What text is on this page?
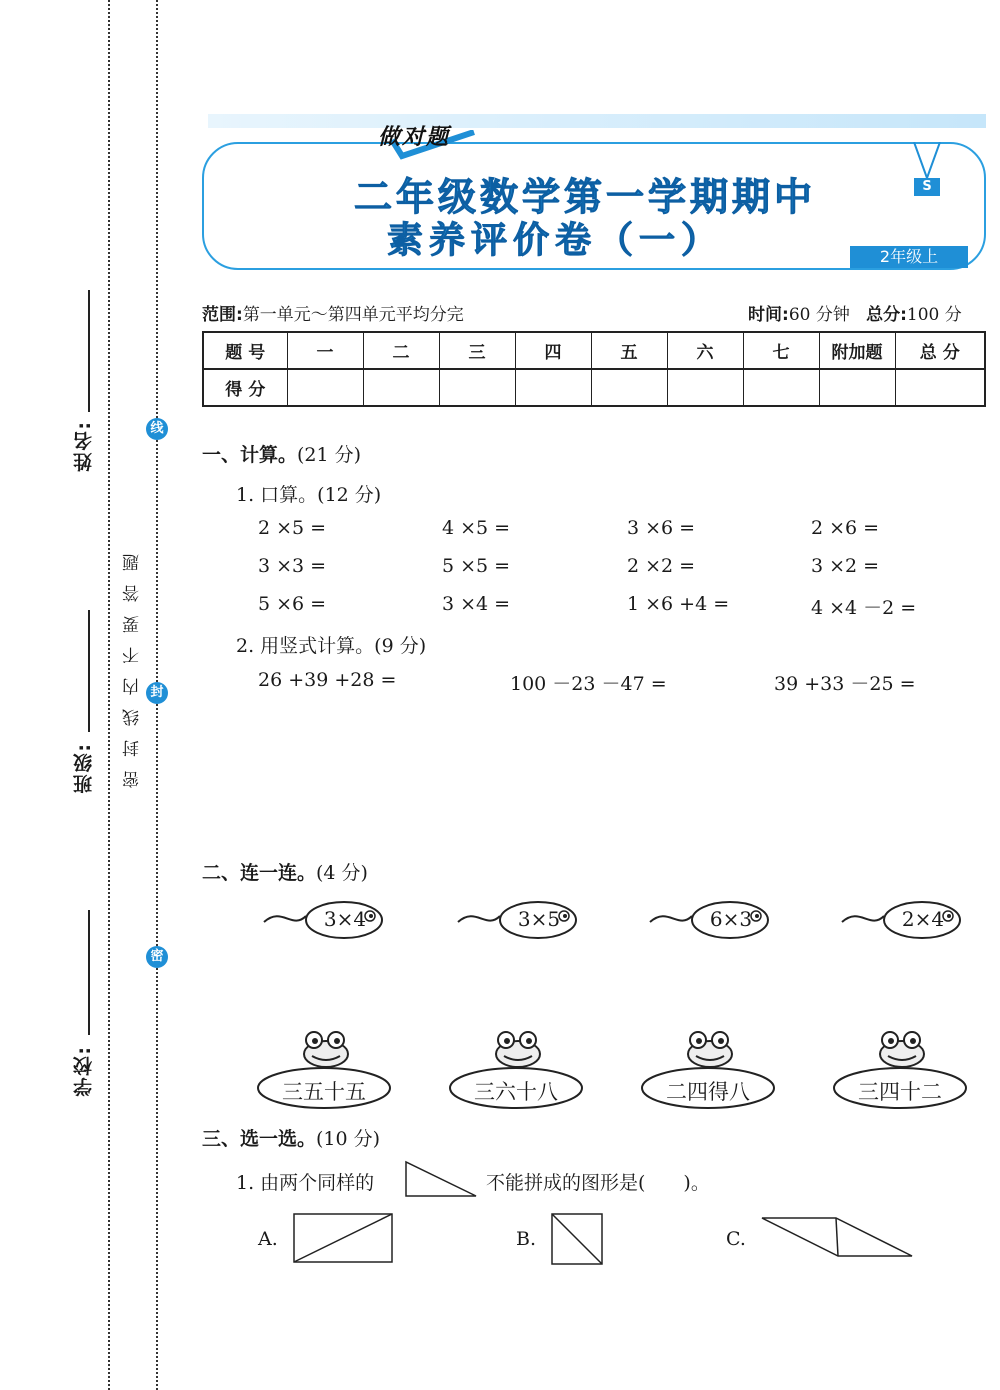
姓名:
班级:
学校:
线
封
密
密封线内不要答题
做对题
S
二年级数学第一学期期中
素养评价卷（一）	2年级上
范围:第一单元～第四单元平均分完	时间:60 分钟 总分:100 分
题 号	一	二	三	四	五	六	七	附加题	总 分
得 分									
一、计算。(21 分)
1. 口算。(12 分)
2 ×5 =	4 ×5 =	3 ×6 =	2 ×6 =
3 ×3 =	5 ×5 =	2 ×2 =	3 ×2 =
5 ×6 =	3 ×4 =	1 ×6 +4 =	4 ×4 －2 =
2. 用竖式计算。(9 分)
26 +39 +28 =	100 －23 －47 =	39 +33 －25 =
二、连一连。(4 分)
3×4	3×5	6×3	2×4
三五十五	三六十八	二四得八	三四十二
三、选一选。(10 分)
1. 由两个同样的	不能拼成的图形是(　　)。
A.	B.	C.
